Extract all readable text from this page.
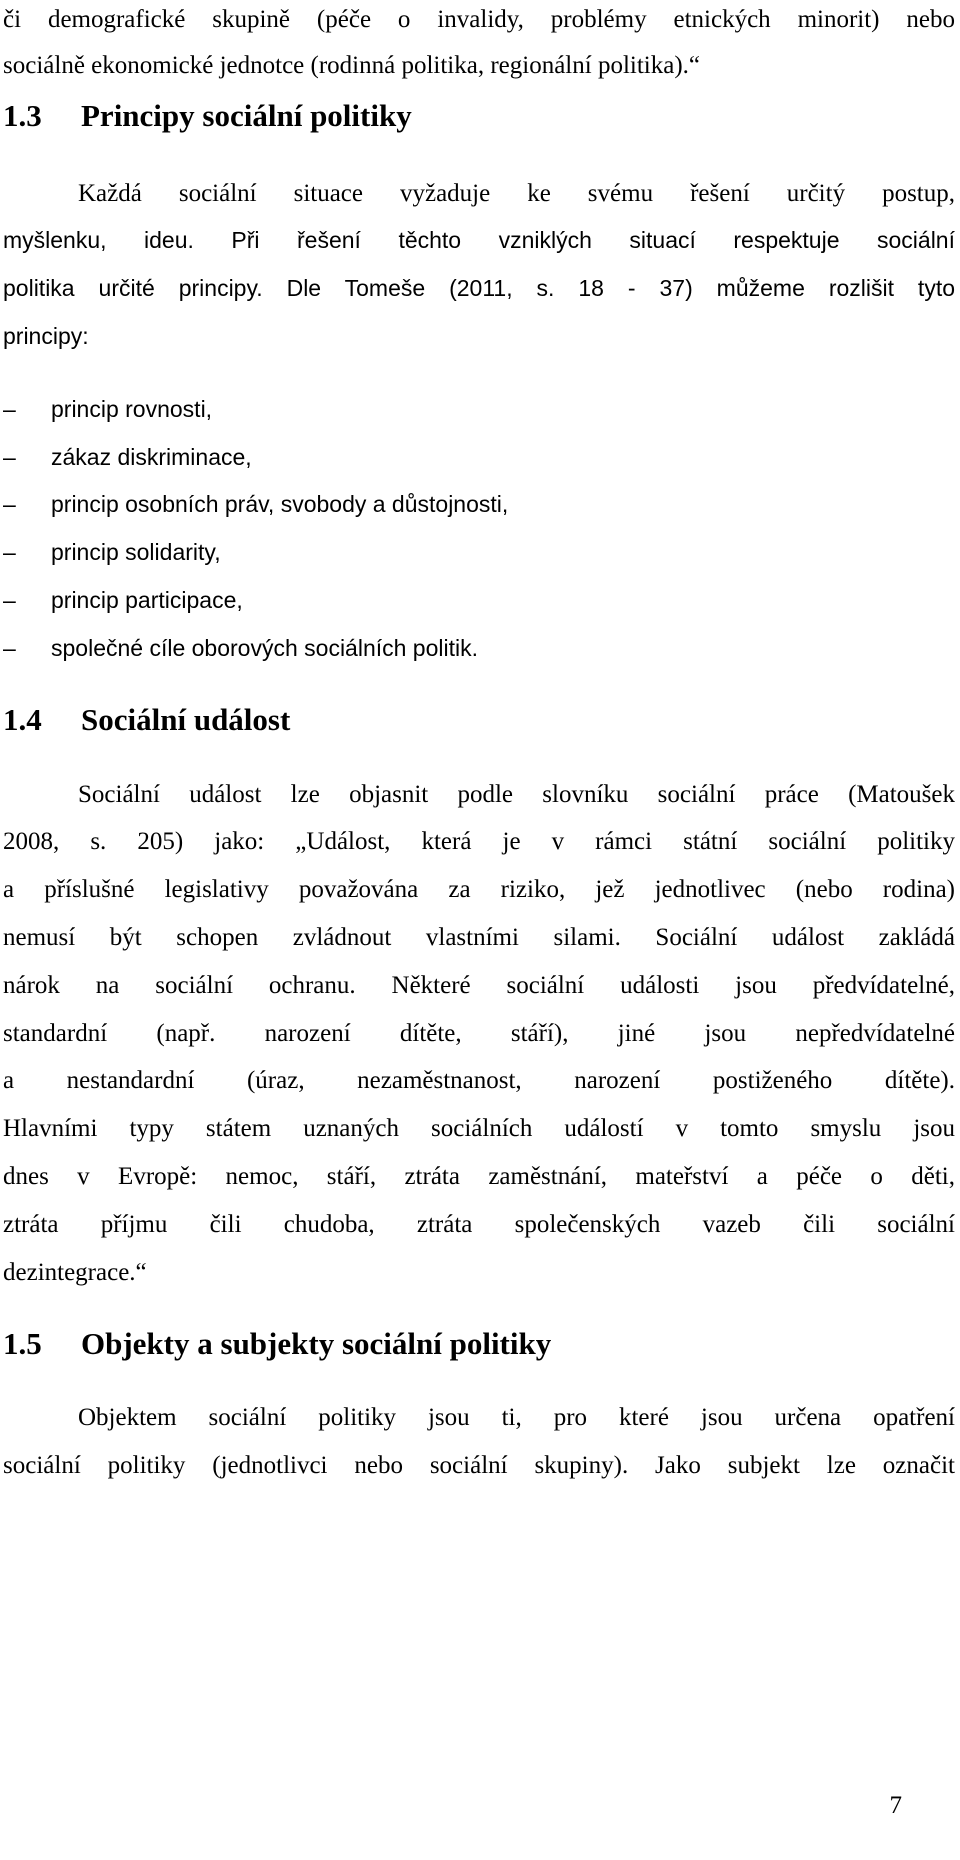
či demografické skupině (péče o invalidy, problémy etnických minorit) nebo
sociálně ekonomické jednotce (rodinná politika, regionální politika).“
1.3 Principy sociální politiky
Každá sociální situace vyžaduje ke svému řešení určitý postup,
myšlenku, ideu. Při řešení těchto vzniklých situací respektuje sociální
politika určité principy. Dle Tomeše (2011, s. 18 - 37) můžeme rozlišit tyto
principy:
– princip rovnosti,
– zákaz diskriminace,
– princip osobních práv, svobody a důstojnosti,
– princip solidarity,
– princip participace,
– společné cíle oborových sociálních politik.
1.4 Sociální událost
Sociální událost lze objasnit podle slovníku sociální práce (Matoušek
2008, s. 205) jako: „Událost, která je v rámci státní sociální politiky
a příslušné legislativy považována za riziko, jež jednotlivec (nebo rodina)
nemusí být schopen zvládnout vlastními silami. Sociální událost zakládá
nárok na sociální ochranu. Některé sociální události jsou předvídatelné,
standardní (např. narození dítěte, stáří), jiné jsou nepředvídatelné
a nestandardní (úraz, nezaměstnanost, narození postiženého dítěte).
Hlavními typy státem uznaných sociálních událostí v tomto smyslu jsou
dnes v Evropě: nemoc, stáří, ztráta zaměstnání, mateřství a péče o děti,
ztráta příjmu čili chudoba, ztráta společenských vazeb čili sociální
dezintegrace.“
1.5 Objekty a subjekty sociální politiky
Objektem sociální politiky jsou ti, pro které jsou určena opatření
sociální politiky (jednotlivci nebo sociální skupiny). Jako subjekt lze označit
7
